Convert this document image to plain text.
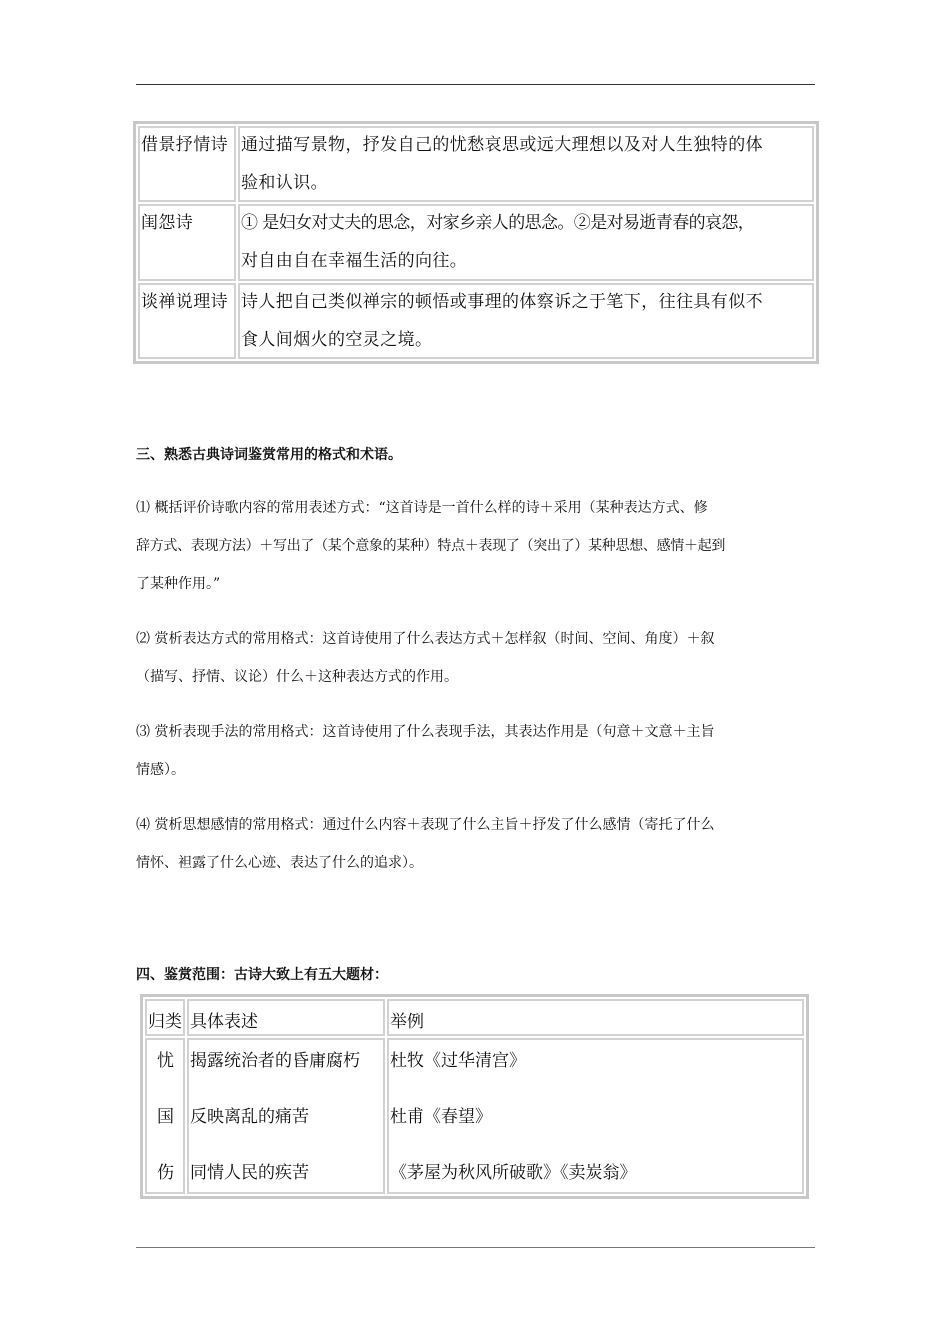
借景抒情诗 通过描写景物，抒发自己的忧愁哀思或远大理想以及对人生独特的体
验和认识。
闺怨诗	① 是妇女对丈夫的思念，对家乡亲人的思念。②是对易逝青春的哀怨，
对自由自在幸福生活的向往。
谈禅说理诗 诗人把自己类似禅宗的顿悟或事理的体察诉之于笔下，往往具有似不
食人间烟火的空灵之境。
三、熟悉古典诗词鉴赏常用的格式和术语。
⑴ 概括评价诗歌内容的常用表述方式：“这首诗是一首什么样的诗＋采用（某种表达方式、修
辞方式、表现方法）＋写出了（某个意象的某种）特点＋表现了（突出了）某种思想、感情＋起到
了某种作用。”
⑵ 赏析表达方式的常用格式：这首诗使用了什么表达方式＋怎样叙（时间、空间、角度）＋叙
（描写、抒情、议论）什么＋这种表达方式的作用。
⑶ 赏析表现手法的常用格式：这首诗使用了什么表现手法，其表达作用是（句意＋文意＋主旨
情感）。
⑷ 赏析思想感情的常用格式：通过什么内容＋表现了什么主旨＋抒发了什么感情（寄托了什么
情怀、袒露了什么心迹、表达了什么的追求）。
四、鉴赏范围：古诗大致上有五大题材：
归类 具体表述	举例
忧
国
伤
揭露统治者的昏庸腐朽
反映离乱的痛苦
同情人民的疾苦
杜牧《过华清宫》
杜甫《春望》
《茅屋为秋风所破歌》《卖炭翁》
